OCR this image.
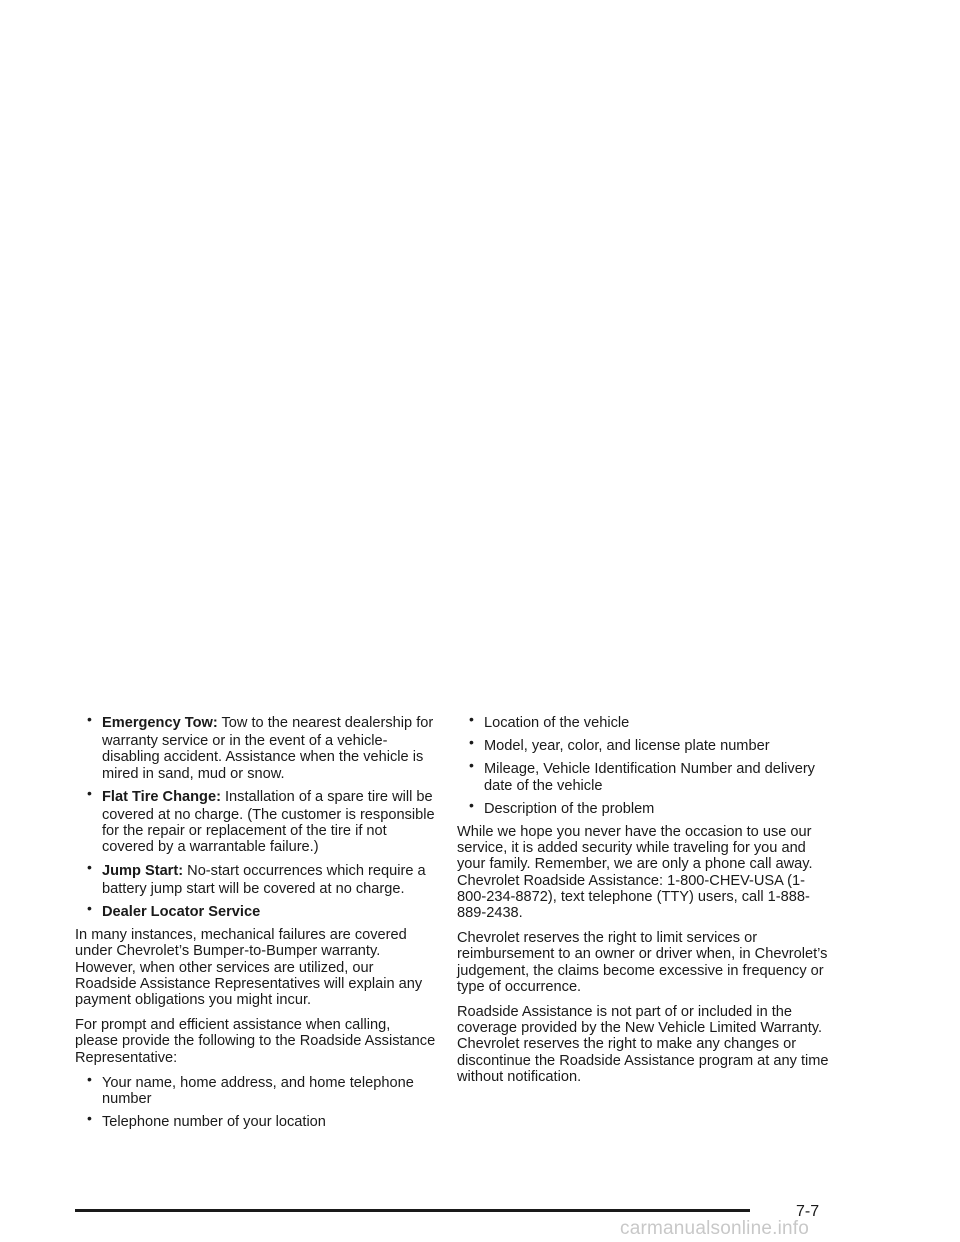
• Emergency Tow: Tow to the nearest dealership for
warranty service or in the event of a vehicle-disabling accident. Assistance when the vehicle is mired in sand, mud or snow.
• Flat Tire Change: Installation of a spare tire will be
covered at no charge. (The customer is responsible for the repair or replacement of the tire if not covered by a warrantable failure.)
• Jump Start: No-start occurrences which require a
battery jump start will be covered at no charge.
• Dealer Locator Service

In many instances, mechanical failures are covered under Chevrolet’s Bumper-to-Bumper warranty. However, when other services are utilized, our Roadside Assistance Representatives will explain any payment obligations you might incur.

For prompt and efficient assistance when calling, please provide the following to the Roadside Assistance Representative:

• Your name, home address, and home telephone number
• Telephone number of your location
• Location of the vehicle
• Model, year, color, and license plate number
• Mileage, Vehicle Identification Number and delivery date of the vehicle
• Description of the problem

While we hope you never have the occasion to use our service, it is added security while traveling for you and your family. Remember, we are only a phone call away. Chevrolet Roadside Assistance: 1-800-CHEV-USA (1-800-234-8872), text telephone (TTY) users, call 1-888-889-2438.

Chevrolet reserves the right to limit services or reimbursement to an owner or driver when, in Chevrolet’s judgement, the claims become excessive in frequency or type of occurrence.

Roadside Assistance is not part of or included in the coverage provided by the New Vehicle Limited Warranty. Chevrolet reserves the right to make any changes or discontinue the Roadside Assistance program at any time without notification.

7-7
carmanualsonline.info
